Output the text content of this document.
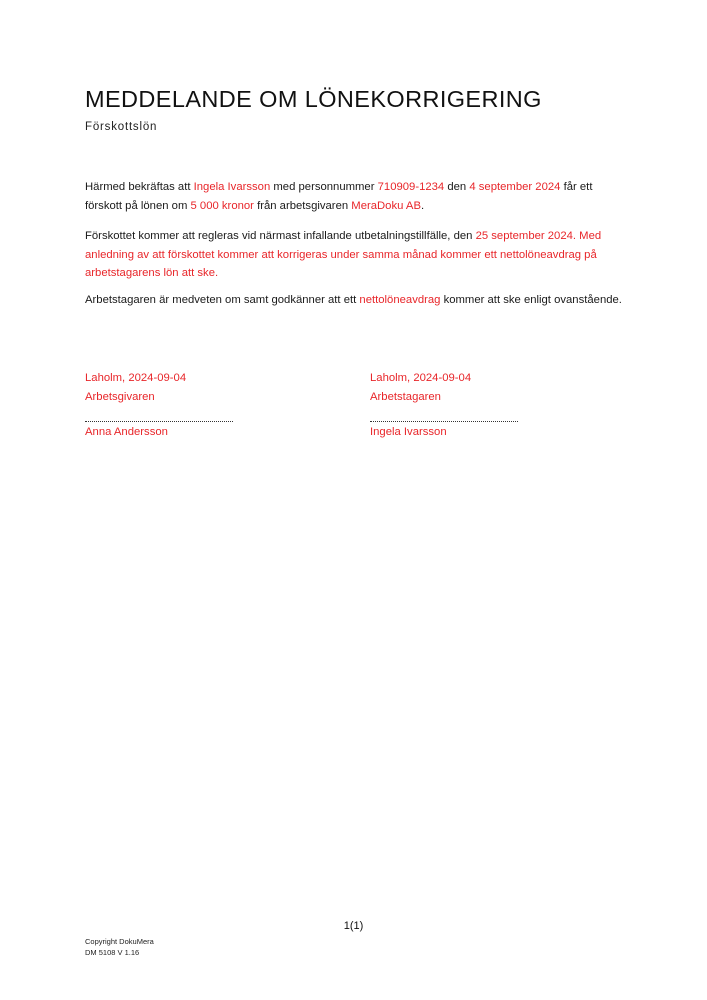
MEDDELANDE OM LÖNEKORRIGERING
Förskottslön
Härmed bekräftas att Ingela Ivarsson med personnummer 710909-1234 den 4 september 2024 får ett förskott på lönen om 5 000 kronor från arbetsgivaren MeraDoku AB.
Förskottet kommer att regleras vid närmast infallande utbetalningstillfälle, den 25 september 2024. Med anledning av att förskottet kommer att korrigeras under samma månad kommer ett nettolöneavdrag på arbetstagarens lön att ske.
Arbetstagaren är medveten om samt godkänner att ett nettolöneavdrag kommer att ske enligt ovanstående.
Laholm, 2024-09-04
Arbetsgivaren
Anna Andersson
Laholm, 2024-09-04
Arbetstagaren
Ingela Ivarsson
1(1)
Copyright DokuMera
DM 5108 V 1.16
